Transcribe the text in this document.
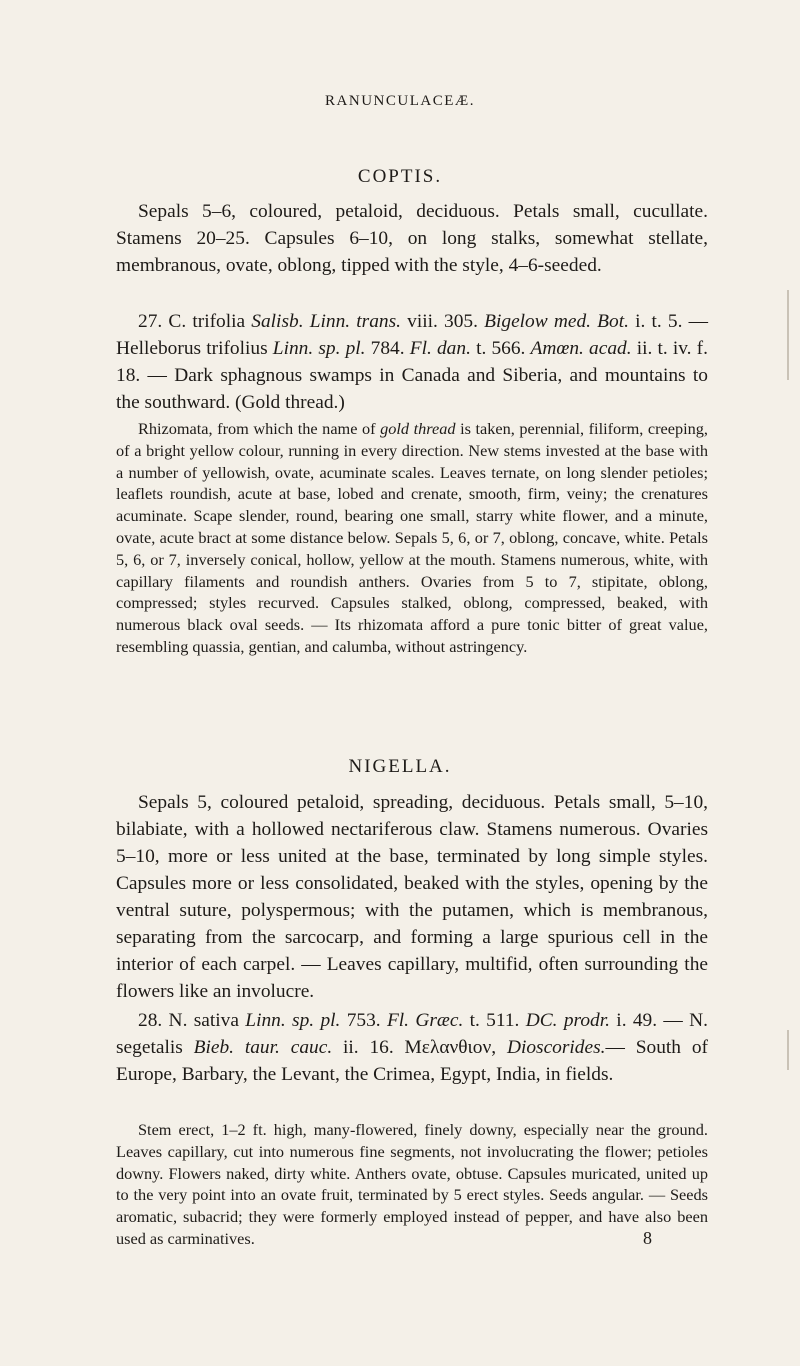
RANUNCULACEÆ.
COPTIS.

Sepals 5–6, coloured, petaloid, deciduous. Petals small, cucullate. Stamens 20–25. Capsules 6–10, on long stalks, somewhat stellate, membranous, ovate, oblong, tipped with the style, 4–6-seeded.

27. C. trifolia Salisb. Linn. trans. viii. 305. Bigelow med. Bot. i. t. 5. — Helleborus trifolius Linn. sp. pl. 784. Fl. dan. t. 566. Amœn. acad. ii. t. iv. f. 18. — Dark sphagnous swamps in Canada and Siberia, and mountains to the southward. (Gold thread.)

Rhizomata, from which the name of gold thread is taken, perennial, filiform, creeping, of a bright yellow colour, running in every direction. New stems invested at the base with a number of yellowish, ovate, acuminate scales. Leaves ternate, on long slender petioles; leaflets roundish, acute at base, lobed and crenate, smooth, firm, veiny; the crenatures acuminate. Scape slender, round, bearing one small, starry white flower, and a minute, ovate, acute bract at some distance below. Sepals 5, 6, or 7, oblong, concave, white. Petals 5, 6, or 7, inversely conical, hollow, yellow at the mouth. Stamens numerous, white, with capillary filaments and roundish anthers. Ovaries from 5 to 7, stipitate, oblong, compressed; styles recurved. Capsules stalked, oblong, compressed, beaked, with numerous black oval seeds. — Its rhizomata afford a pure tonic bitter of great value, resembling quassia, gentian, and calumba, without astringency.

NIGELLA.

Sepals 5, coloured petaloid, spreading, deciduous. Petals small, 5–10, bilabiate, with a hollowed nectariferous claw. Stamens numerous. Ovaries 5–10, more or less united at the base, terminated by long simple styles. Capsules more or less consolidated, beaked with the styles, opening by the ventral suture, polyspermous; with the putamen, which is membranous, separating from the sarcocarp, and forming a large spurious cell in the interior of each carpel. — Leaves capillary, multifid, often surrounding the flowers like an involucre.

28. N. sativa Linn. sp. pl. 753. Fl. Græc. t. 511. DC. prodr. i. 49. — N. segetalis Bieb. taur. cauc. ii. 16. Μελανθιον, Dioscorides.— South of Europe, Barbary, the Levant, the Crimea, Egypt, India, in fields.

Stem erect, 1–2 ft. high, many-flowered, finely downy, especially near the ground. Leaves capillary, cut into numerous fine segments, not involucrating the flower; petioles downy. Flowers naked, dirty white. Anthers ovate, obtuse. Capsules muricated, united up to the very point into an ovate fruit, terminated by 5 erect styles. Seeds angular. — Seeds aromatic, subacrid; they were formerly employed instead of pepper, and have also been used as carminatives.	8
